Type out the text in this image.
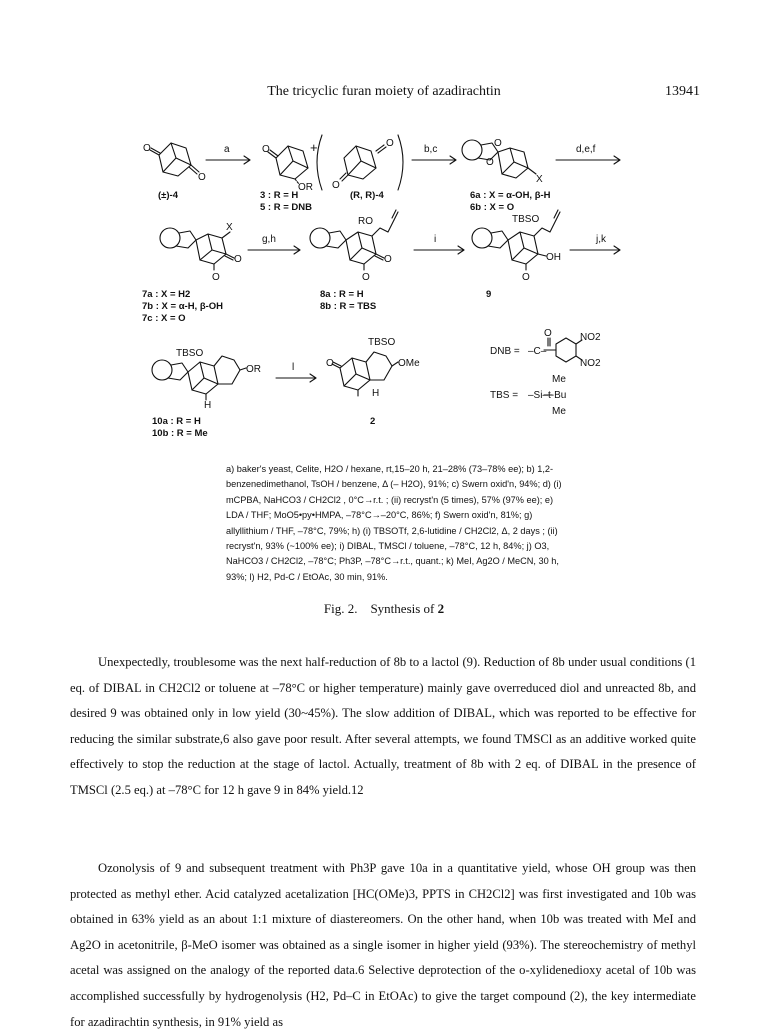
The tricyclic furan moiety of azadirachtin	13941
O
O
O
OR
+	O
O
O
O
X
X
O
O
RO
O
O
TBSO
OH
O
TBSO
OR
H
TBSO
OMe
O
H
a	b,c	d,e,f
g,h	i	j,k
l
(±)-4	3 : R = H
5 : R = DNB
(R, R)-4	6a : X = α-OH, β-H
6b : X = O
7a : X = H2
7b : X = α-H, β-OH
7c : X = O
8a : R = H
8b : R = TBS
9
10a : R = H
10b : R = Me
2
DNB = –C–
O	NO2
NO2
Me
TBS = –Si–t-Bu
Me

a) baker's yeast, Celite, H2O / hexane, rt,15–20 h, 21–28% (73–78% ee); b) 1,2-benzenedimethanol, TsOH / benzene, Δ (– H2O), 91%; c) Swern oxid'n, 94%; d) (i) mCPBA, NaHCO3 / CH2Cl2 , 0°C→r.t. ; (ii) recryst'n (5 times), 57% (97% ee); e) LDA / THF; MoO5•py•HMPA, –78°C→–20°C, 86%; f) Swern oxid'n, 81%; g) allyllithium / THF, –78°C, 79%; h) (i) TBSOTf, 2,6-lutidine / CH2Cl2, Δ, 2 days ; (ii) recryst'n, 93% (~100% ee); i) DIBAL, TMSCl / toluene, –78°C, 12 h, 84%; j) O3, NaHCO3 / CH2Cl2, –78°C; Ph3P, –78°C→r.t., quant.; k) MeI, Ag2O / MeCN, 30 h, 93%; l) H2, Pd-C / EtOAc, 30 min, 91%.

Fig. 2. Synthesis of 2

Unexpectedly, troublesome was the next half-reduction of 8b to a lactol (9). Reduction of 8b under usual conditions (1 eq. of DIBAL in CH2Cl2 or toluene at –78°C or higher temperature) mainly gave overreduced diol and unreacted 8b, and desired 9 was obtained only in low yield (30~45%). The slow addition of DIBAL, which was reported to be effective for reducing the similar substrate,6 also gave poor result. After several attempts, we found TMSCl as an additive worked quite effectively to stop the reduction at the stage of lactol. Actually, treatment of 8b with 2 eq. of DIBAL in the presence of TMSCl (2.5 eq.) at –78°C for 12 h gave 9 in 84% yield.12

Ozonolysis of 9 and subsequent treatment with Ph3P gave 10a in a quantitative yield, whose OH group was then protected as methyl ether. Acid catalyzed acetalization [HC(OMe)3, PPTS in CH2Cl2] was first investigated and 10b was obtained in 63% yield as an about 1:1 mixture of diastereomers. On the other hand, when 10b was treated with MeI and Ag2O in acetonitrile, β-MeO isomer was obtained as a single isomer in higher yield (93%). The stereochemistry of methyl acetal was assigned on the analogy of the reported data.6 Selective deprotection of the o-xylidenedioxy acetal of 10b was accomplished successfully by hydrogenolysis (H2, Pd–C in EtOAc) to give the target compound (2), the key intermediate for azadirachtin synthesis, in 91% yield as
